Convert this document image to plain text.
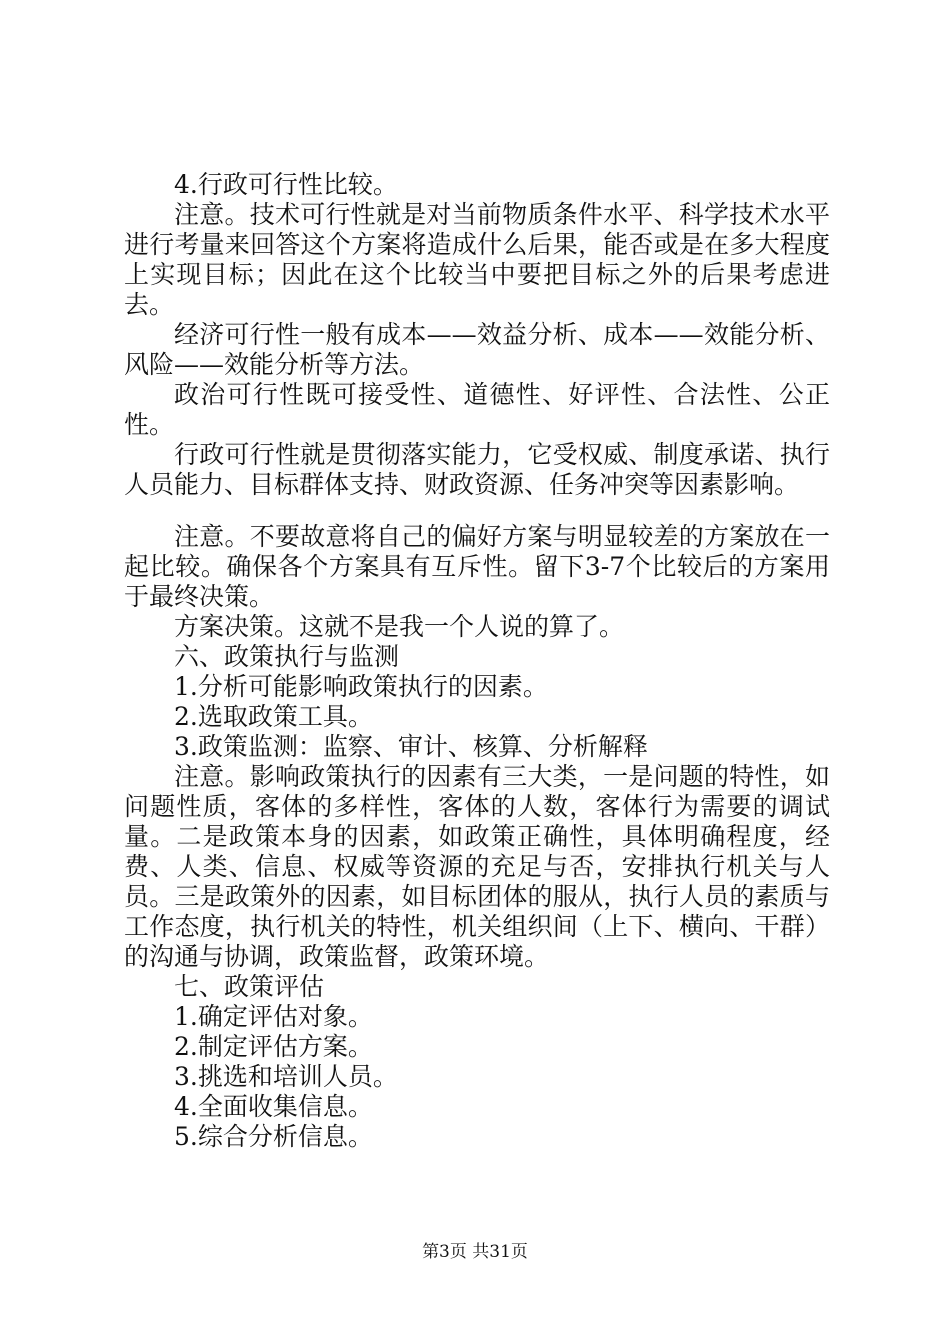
4.行政可行性比较。

注意。技术可行性就是对当前物质条件水平、科学技术水平进行考量来回答这个方案将造成什么后果，能否或是在多大程度上实现目标；因此在这个比较当中要把目标之外的后果考虑进去。

经济可行性一般有成本——效益分析、成本——效能分析、风险——效能分析等方法。

政治可行性既可接受性、道德性、好评性、合法性、公正性。

行政可行性就是贯彻落实能力，它受权威、制度承诺、执行人员能力、目标群体支持、财政资源、任务冲突等因素影响。

注意。不要故意将自己的偏好方案与明显较差的方案放在一起比较。确保各个方案具有互斥性。留下3-7个比较后的方案用于最终决策。

方案决策。这就不是我一个人说的算了。

六、政策执行与监测

1.分析可能影响政策执行的因素。

2.选取政策工具。

3.政策监测：监察、审计、核算、分析解释

注意。影响政策执行的因素有三大类，一是问题的特性，如问题性质，客体的多样性，客体的人数，客体行为需要的调试量。二是政策本身的因素，如政策正确性，具体明确程度，经费、人类、信息、权威等资源的充足与否，安排执行机关与人员。三是政策外的因素，如目标团体的服从，执行人员的素质与工作态度，执行机关的特性，机关组织间（上下、横向、干群）的沟通与协调，政策监督，政策环境。

七、政策评估

1.确定评估对象。

2.制定评估方案。

3.挑选和培训人员。

4.全面收集信息。

5.综合分析信息。

第3页 共31页
